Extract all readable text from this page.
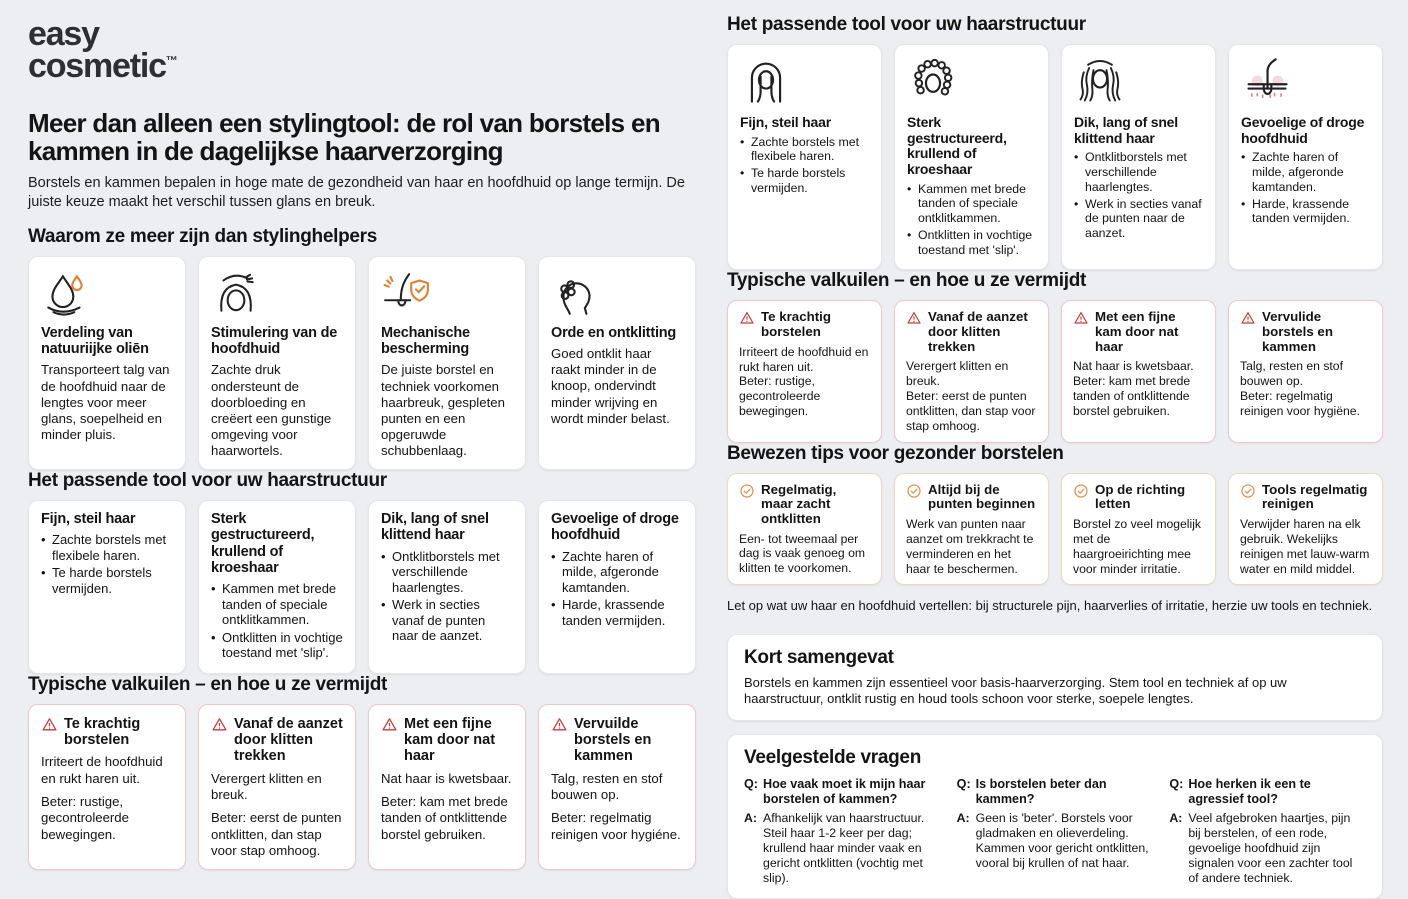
easy
cosmetic™
Meer dan alleen een stylingtool: de rol van borstels en kammen in de dagelijkse haarverzorging

Borstels en kammen bepalen in hoge mate de gezondheid van haar en hoofdhuid op lange termijn. De juiste keuze maakt het verschil tussen glans en breuk.

Waarom ze meer zijn dan stylinghelpers
Verdeling van natuuriijke oliēn

Transporteert talg van de hoofdhuid naar de lengtes voor meer glans, soepelheid en minder pluis.

Stimulering van de hoofdhuid

Zachte druk ondersteunt de doorbloeding en creëert een gunstige omgeving voor haarwortels.

Mechanische bescherming

De juiste borstel en techniek voorkomen haarbreuk, gespleten punten en een opgeruwde schubbenlaag.

Orde en ontklitting

Goed ontklit haar raakt minder in de knoop, ondervindt minder wrijving en wordt minder belast.

Het passende tool voor uw haarstructuur
Fijn, steil haar
• Zachte borstels met flexibele haren.
• Te harde borstels vermijden.
Sterk gestructureerd, krullend of kroeshaar
• Kammen met brede tanden of speciale ontklitkammen.
• Ontklitten in vochtige toestand met 'slip'.
Dik, lang of snel klittend haar
• Ontklitborstels met verschillende haarlengtes.
• Werk in secties vanaf de punten naar de aanzet.
Gevoelige of droge hoofdhuid
• Zachte haren of milde, afgeronde kamtanden.
• Harde, krassende tanden vermijden.
Typische valkuilen – en hoe u ze vermijdt
Te krachtig borstelen

Irriteert de hoofdhuid en rukt haren uit.

Beter: rustige, gecontroleerde bewegingen.

Vanaf de aanzet door klitten trekken

Verergert klitten en breuk.

Beter: eerst de punten ontklitten, dan stap voor stap omhoog.

Met een fijne kam door nat haar

Nat haar is kwetsbaar.

Beter: kam met brede tanden of ontklittende borstel gebruiken.

Vervuilde borstels en kammen

Talg, resten en stof bouwen op.

Beter: regelmatig reinigen voor hygiéne.

Het passende tool voor uw haarstructuur
Fijn, steil haar
• Zachte borstels met flexibele haren.
• Te harde borstels vermijden.
Sterk gestructureerd, krullend of kroeshaar
• Kammen met brede tanden of speciale ontklitkammen.
• Ontklitten in vochtige toestand met 'slip'.
Dik, lang of snel klittend haar
• Ontklitborstels met verschillende haarlengtes.
• Werk in secties vanaf de punten naar de aanzet.
Gevoelige of droge hoofdhuid
• Zachte haren of milde, afgeronde kamtanden.
• Harde, krassende tanden vermijden.
Typische valkuilen – en hoe u ze vermijdt
Te krachtig borstelen

Irriteert de hoofdhuid en rukt haren uit.

Beter: rustige, gecontroleerde bewegingen.

Vanaf de aanzet door klitten trekken

Verergert klitten en breuk.

Beter: eerst de punten ontklitten, dan stap voor stap omhoog.

Met een fijne kam door nat haar

Nat haar is kwetsbaar.

Beter: kam met brede tanden of ontklittende borstel gebruiken.

Vervulide borstels en kammen

Talg, resten en stof bouwen op.

Beter: regelmatig reinigen voor hygiëne.

Bewezen tips voor gezonder borstelen
Regelmatig, maar zacht ontklitten

Een- tot tweemaal per dag is vaak genoeg om klitten te voorkomen.

Altijd bij de punten beginnen

Werk van punten naar aanzet om trekkracht te verminderen en het haar te beschermen.

Op de richting letten

Borstel zo veel mogelijk met de haargroeirichting mee voor minder irritatie.

Tools regelmatig reinigen

Verwijder haren na elk gebruik. Wekelijks reinigen met lauw-warm water en mild middel.

Let op wat uw haar en hoofdhuid vertellen: bij structurele pijn, haarverlies of irritatie, herzie uw tools en techniek.

Kort samengevat

Borstels en kammen zijn essentieel voor basis-haarverzorging. Stem tool en techniek af op uw haarstructuur, ontklit rustig en houd tools schoon voor sterke, soepele lengtes.

Veelgestelde vragen
Q: Hoe vaak moet ik mijn haar borstelen of kammen?
A: Afhankelijk van haarstructuur. Steil haar 1-2 keer per dag; krullend haar minder vaak en gericht ontklitten (vochtig met slip).
Q: Is borstelen beter dan kammen?
A: Geen is 'beter'. Borstels voor gladmaken en olieverdeling. Kammen voor gericht ontklitten, vooral bij krullen of nat haar.
Q: Hoe herken ik een te agressief tool?
A: Veel afgebroken haartjes, pijn bij berstelen, of een rode, gevoelige hoofdhuid zijn signalen voor een zachter tool of andere techniek.
